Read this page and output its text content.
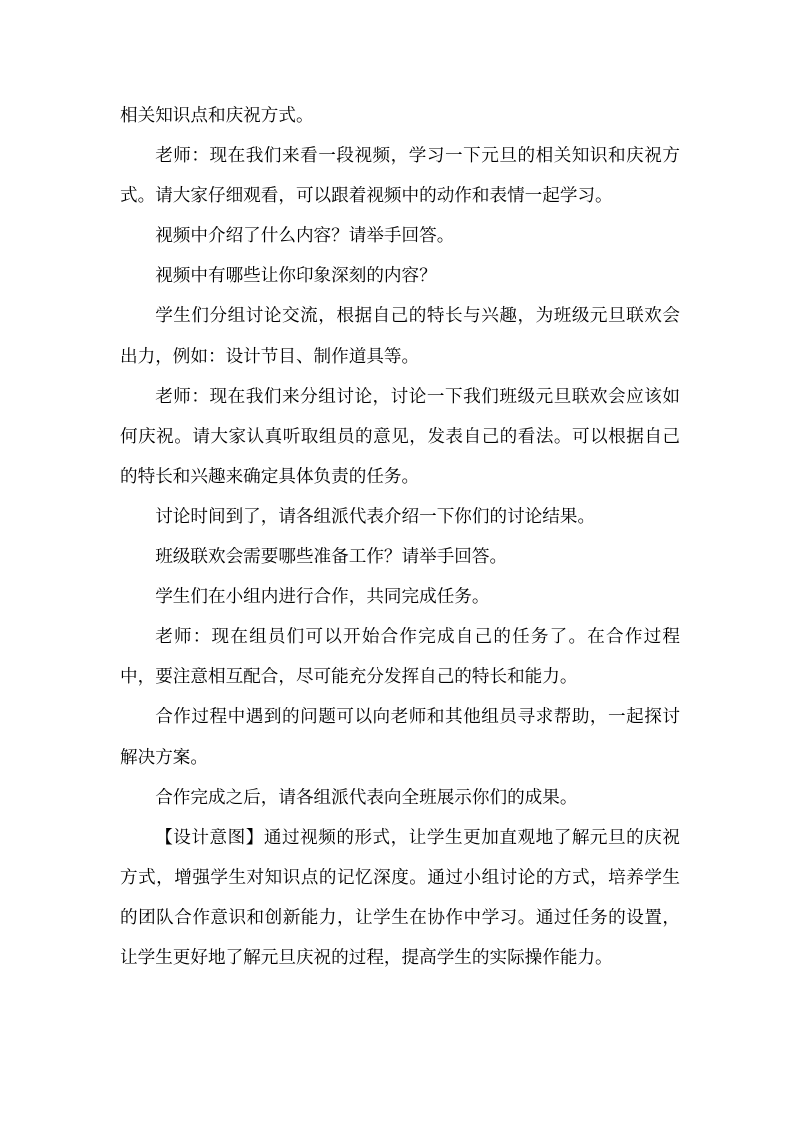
相关知识点和庆祝方式。

老师：现在我们来看一段视频，学习一下元旦的相关知识和庆祝方式。请大家仔细观看，可以跟着视频中的动作和表情一起学习。

视频中介绍了什么内容？请举手回答。

视频中有哪些让你印象深刻的内容？

学生们分组讨论交流，根据自己的特长与兴趣，为班级元旦联欢会出力，例如：设计节目、制作道具等。

老师：现在我们来分组讨论，讨论一下我们班级元旦联欢会应该如何庆祝。请大家认真听取组员的意见，发表自己的看法。可以根据自己的特长和兴趣来确定具体负责的任务。

讨论时间到了，请各组派代表介绍一下你们的讨论结果。

班级联欢会需要哪些准备工作？请举手回答。

学生们在小组内进行合作，共同完成任务。

老师：现在组员们可以开始合作完成自己的任务了。在合作过程中，要注意相互配合，尽可能充分发挥自己的特长和能力。

合作过程中遇到的问题可以向老师和其他组员寻求帮助，一起探讨解决方案。

合作完成之后，请各组派代表向全班展示你们的成果。

【设计意图】通过视频的形式，让学生更加直观地了解元旦的庆祝方式，增强学生对知识点的记忆深度。通过小组讨论的方式，培养学生的团队合作意识和创新能力，让学生在协作中学习。通过任务的设置，让学生更好地了解元旦庆祝的过程，提高学生的实际操作能力。
